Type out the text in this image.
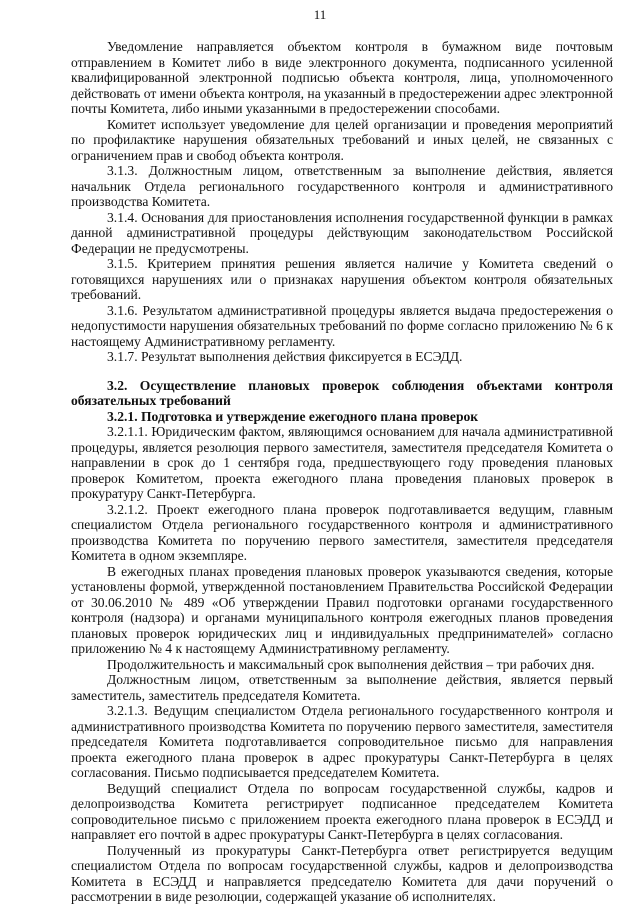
11

Уведомление направляется объектом контроля в бумажном виде почтовым отправлением в Комитет либо в виде электронного документа, подписанного усиленной квалифицированной электронной подписью объекта контроля, лица, уполномоченного действовать от имени объекта контроля, на указанный в предостережении адрес электронной почты Комитета, либо иными указанными в предостережении способами.

Комитет использует уведомление для целей организации и проведения мероприятий по профилактике нарушения обязательных требований и иных целей, не связанных с ограничением прав и свобод объекта контроля.

3.1.3. Должностным лицом, ответственным за выполнение действия, является начальник Отдела регионального государственного контроля и административного производства Комитета.

3.1.4. Основания для приостановления исполнения государственной функции в рамках данной административной процедуры действующим законодательством Российской Федерации не предусмотрены.

3.1.5. Критерием принятия решения является наличие у Комитета сведений о готовящихся нарушениях или о признаках нарушения объектом контроля обязательных требований.

3.1.6. Результатом административной процедуры является выдача предостережения о недопустимости нарушения обязательных требований по форме согласно приложению № 6 к настоящему Административному регламенту.

3.1.7. Результат выполнения действия фиксируется в ЕСЭДД.

3.2. Осуществление плановых проверок соблюдения объектами контроля обязательных требований

3.2.1. Подготовка и утверждение ежегодного плана проверок

3.2.1.1. Юридическим фактом, являющимся основанием для начала административной процедуры, является резолюция первого заместителя, заместителя председателя Комитета о направлении в срок до 1 сентября года, предшествующего году проведения плановых проверок Комитетом, проекта ежегодного плана проведения плановых проверок в прокуратуру Санкт-Петербурга.

3.2.1.2. Проект ежегодного плана проверок подготавливается ведущим, главным специалистом Отдела регионального государственного контроля и административного производства Комитета по поручению первого заместителя, заместителя председателя Комитета в одном экземпляре.

В ежегодных планах проведения плановых проверок указываются сведения, которые установлены формой, утвержденной постановлением Правительства Российской Федерации от 30.06.2010 № 489 «Об утверждении Правил подготовки органами государственного контроля (надзора) и органами муниципального контроля ежегодных планов проведения плановых проверок юридических лиц и индивидуальных предпринимателей» согласно приложению № 4 к настоящему Административному регламенту.

Продолжительность и максимальный срок выполнения действия – три рабочих дня.

Должностным лицом, ответственным за выполнение действия, является первый заместитель, заместитель председателя Комитета.

3.2.1.3. Ведущим специалистом Отдела регионального государственного контроля и административного производства Комитета по поручению первого заместителя, заместителя председателя Комитета подготавливается сопроводительное письмо для направления проекта ежегодного плана проверок в адрес прокуратуры Санкт-Петербурга в целях согласования. Письмо подписывается председателем Комитета.

Ведущий специалист Отдела по вопросам государственной службы, кадров и делопроизводства Комитета регистрирует подписанное председателем Комитета сопроводительное письмо с приложением проекта ежегодного плана проверок в ЕСЭДД и направляет его почтой в адрес прокуратуры Санкт-Петербурга в целях согласования.

Полученный из прокуратуры Санкт-Петербурга ответ регистрируется ведущим специалистом Отдела по вопросам государственной службы, кадров и делопроизводства Комитета в ЕСЭДД и направляется председателю Комитета для дачи поручений о рассмотрении в виде резолюции, содержащей указание об исполнителях.
